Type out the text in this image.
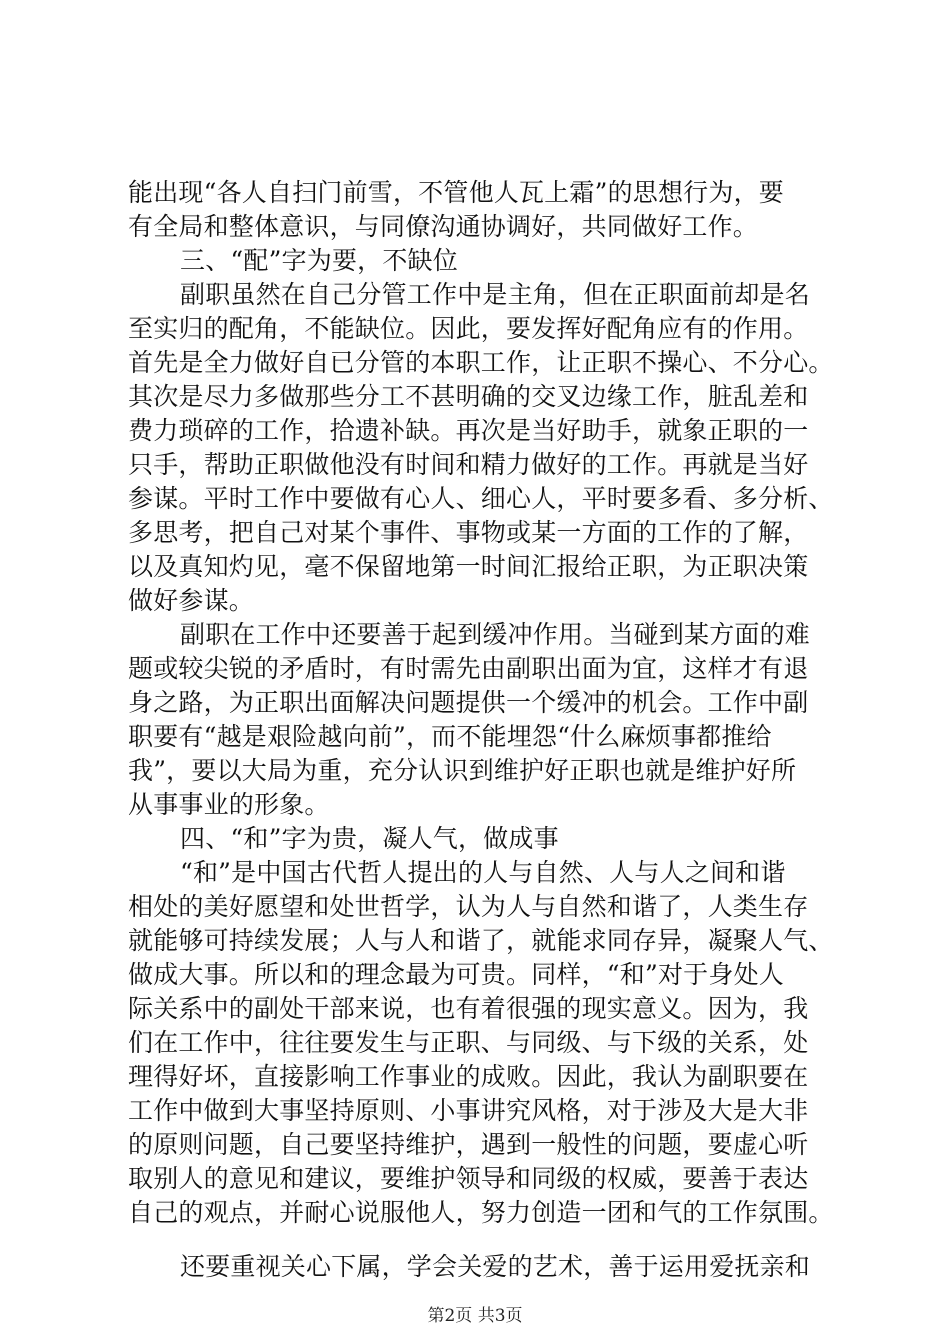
能出现“各人自扫门前雪，不管他人瓦上霜”的思想行为，要
有全局和整体意识，与同僚沟通协调好，共同做好工作。
三、“配”字为要，不缺位
副职虽然在自己分管工作中是主角，但在正职面前却是名
至实归的配角，不能缺位。因此，要发挥好配角应有的作用。
首先是全力做好自已分管的本职工作，让正职不操心、不分心。
其次是尽力多做那些分工不甚明确的交叉边缘工作，脏乱差和
费力琐碎的工作，拾遗补缺。再次是当好助手，就象正职的一
只手，帮助正职做他没有时间和精力做好的工作。再就是当好
参谋。平时工作中要做有心人、细心人，平时要多看、多分析、
多思考，把自己对某个事件、事物或某一方面的工作的了解，
以及真知灼见，毫不保留地第一时间汇报给正职，为正职决策
做好参谋。
副职在工作中还要善于起到缓冲作用。当碰到某方面的难
题或较尖锐的矛盾时，有时需先由副职出面为宜，这样才有退
身之路，为正职出面解决问题提供一个缓冲的机会。工作中副
职要有“越是艰险越向前”，而不能埋怨“什么麻烦事都推给
我”，要以大局为重，充分认识到维护好正职也就是维护好所
从事事业的形象。
四、“和”字为贵，凝人气，做成事
“和”是中国古代哲人提出的人与自然、人与人之间和谐
相处的美好愿望和处世哲学，认为人与自然和谐了，人类生存
就能够可持续发展；人与人和谐了，就能求同存异，凝聚人气、
做成大事。所以和的理念最为可贵。同样，“和”对于身处人
际关系中的副处干部来说，也有着很强的现实意义。因为，我
们在工作中，往往要发生与正职、与同级、与下级的关系，处
理得好坏，直接影响工作事业的成败。因此，我认为副职要在
工作中做到大事坚持原则、小事讲究风格，对于涉及大是大非
的原则问题，自己要坚持维护，遇到一般性的问题，要虚心听
取别人的意见和建议，要维护领导和同级的权威，要善于表达
自己的观点，并耐心说服他人，努力创造一团和气的工作氛围。
还要重视关心下属，学会关爱的艺术，善于运用爱抚亲和
第2页 共3页
